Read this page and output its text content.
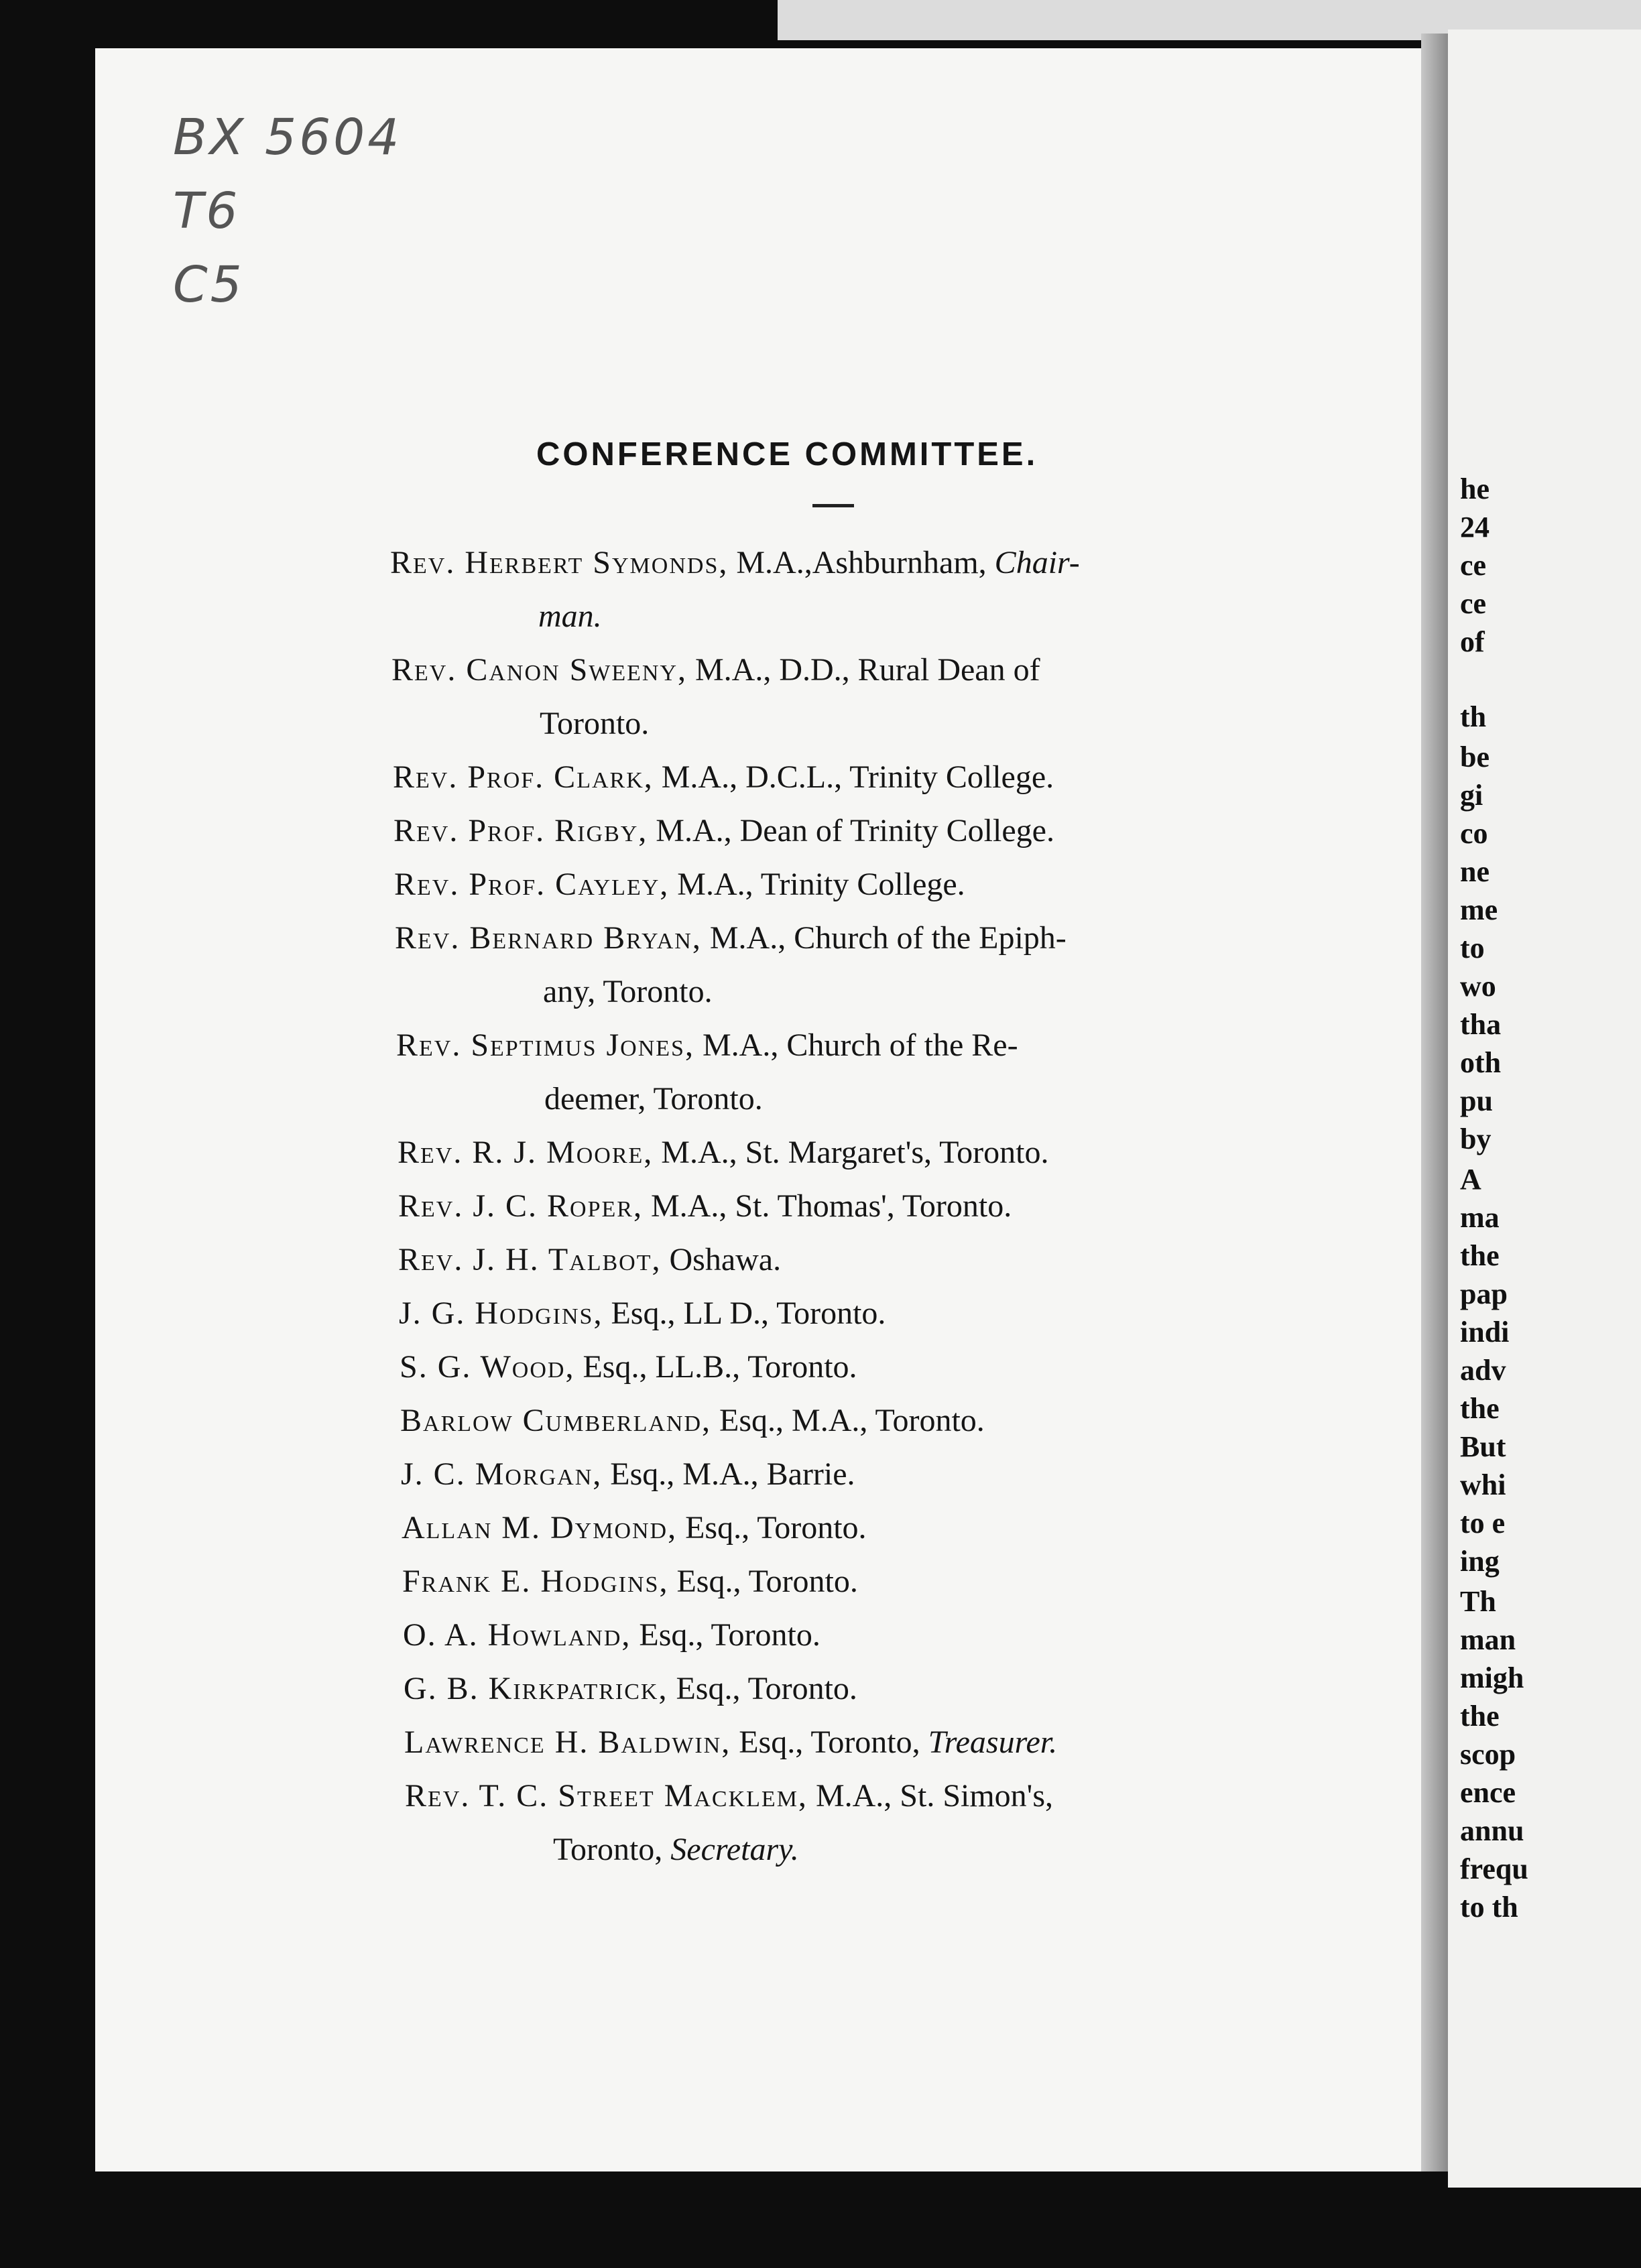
he
24
ce
ce
of
th
be
gi
co
ne
me
to
wo
tha
oth
pu
by
A
ma
the
pap
indi
adv
the
But
whi
to e
ing
Th
man
migh
the
scop
ence
annu
frequ
to th
BX 5604
T6
C5
CONFERENCE COMMITTEE.
Rev. Herbert Symonds, M.A.,Ashburnham, Chair-
man.
Rev. Canon Sweeny, M.A., D.D., Rural Dean of
Toronto.
Rev. Prof. Clark, M.A., D.C.L., Trinity College.
Rev. Prof. Rigby, M.A., Dean of Trinity College.
Rev. Prof. Cayley, M.A., Trinity College.
Rev. Bernard Bryan, M.A., Church of the Epiph-
any, Toronto.
Rev. Septimus Jones, M.A., Church of the Re-
deemer, Toronto.
Rev. R. J. Moore, M.A., St. Margaret's, Toronto.
Rev. J. C. Roper, M.A., St. Thomas', Toronto.
Rev. J. H. Talbot, Oshawa.
J. G. Hodgins, Esq., LL D., Toronto.
S. G. Wood, Esq., LL.B., Toronto.
Barlow Cumberland, Esq., M.A., Toronto.
J. C. Morgan, Esq., M.A., Barrie.
Allan M. Dymond, Esq., Toronto.
Frank E. Hodgins, Esq., Toronto.
O. A. Howland, Esq., Toronto.
G. B. Kirkpatrick, Esq., Toronto.
Lawrence H. Baldwin, Esq., Toronto, Treasurer.
Rev. T. C. Street Macklem, M.A., St. Simon's,
Toronto, Secretary.
